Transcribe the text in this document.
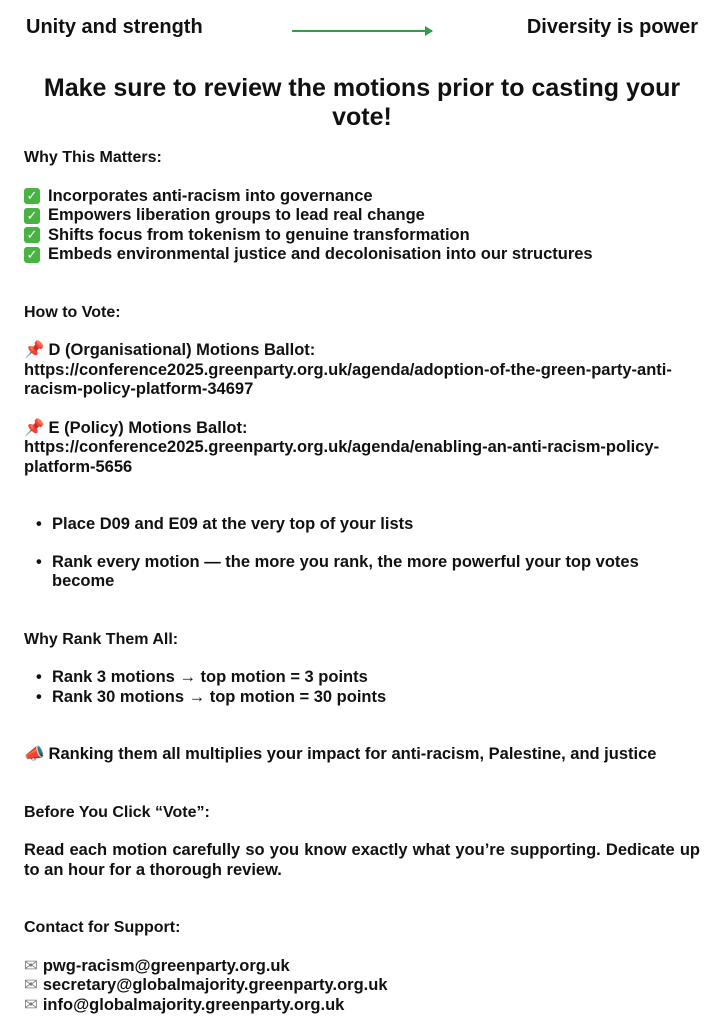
Unity and strength	Diversity is power
Make sure to review the motions prior to casting your vote!
Why This Matters:
✓ Incorporates anti-racism into governance
✓ Empowers liberation groups to lead real change
✓ Shifts focus from tokenism to genuine transformation
✓ Embeds environmental justice and decolonisation into our structures
How to Vote:
📌 D (Organisational) Motions Ballot:
https://conference2025.greenparty.org.uk/agenda/adoption-of-the-green-party-anti-racism-policy-platform-34697
📌 E (Policy) Motions Ballot:
https://conference2025.greenparty.org.uk/agenda/enabling-an-anti-racism-policy-platform-5656
• Place D09 and E09 at the very top of your lists
• Rank every motion — the more you rank, the more powerful your top votes become
Why Rank Them All:
• Rank 3 motions → top motion = 3 points
• Rank 30 motions → top motion = 30 points
📣 Ranking them all multiplies your impact for anti-racism, Palestine, and justice
Before You Click “Vote”:
Read each motion carefully so you know exactly what you’re supporting. Dedicate up to an hour for a thorough review.
Contact for Support:
✉ pwg-racism@greenparty.org.uk
✉ secretary@globalmajority.greenparty.org.uk
✉ info@globalmajority.greenparty.org.uk
